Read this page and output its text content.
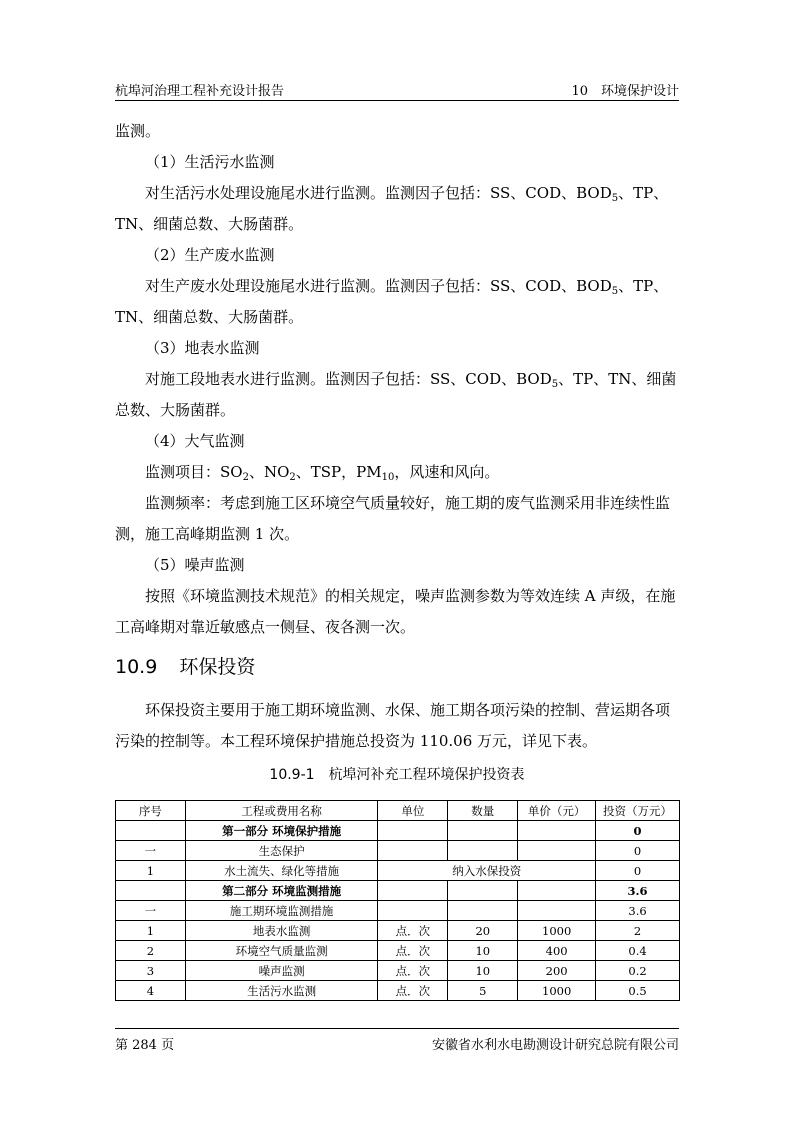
杭埠河治理工程补充设计报告	10　环境保护设计

监测。

（1）生活污水监测

对生活污水处理设施尾水进行监测。监测因子包括：SS、COD、$BOD_5$、TP、TN、细菌总数、大肠菌群。

（2）生产废水监测

对生产废水处理设施尾水进行监测。监测因子包括：SS、COD、$BOD_5$、TP、TN、细菌总数、大肠菌群。

（3）地表水监测

对施工段地表水进行监测。监测因子包括：SS、COD、$BOD_5$、TP、TN、细菌总数、大肠菌群。

（4）大气监测

监测项目：$SO_2$、$NO_2$、TSP，$PM_{10}$，风速和风向。

监测频率：考虑到施工区环境空气质量较好，施工期的废气监测采用非连续性监测，施工高峰期监测 1 次。

（5）噪声监测

按照《环境监测技术规范》的相关规定，噪声监测参数为等效连续 A 声级，在施工高峰期对靠近敏感点一侧昼、夜各测一次。

10.9 环保投资

环保投资主要用于施工期环境监测、水保、施工期各项污染的控制、营运期各项污染的控制等。本工程环境保护措施总投资为 110.06 万元，详见下表。

10.9-1 杭埠河补充工程环境保护投资表

序号	工程或费用名称	单位	数量	单价（元）	投资（万元）
	第一部分 环境保护措施				0
一	生态保护				0
1	水土流失、绿化等措施	纳入水保投资			0
	第二部分 环境监测措施				3.6
一	施工期环境监测措施				3.6
1	地表水监测	点．次	20	1000	2
2	环境空气质量监测	点．次	10	400	0.4
3	噪声监测	点．次	10	200	0.2
4	生活污水监测	点．次	5	1000	0.5
第 284 页	安徽省水利水电勘测设计研究总院有限公司
